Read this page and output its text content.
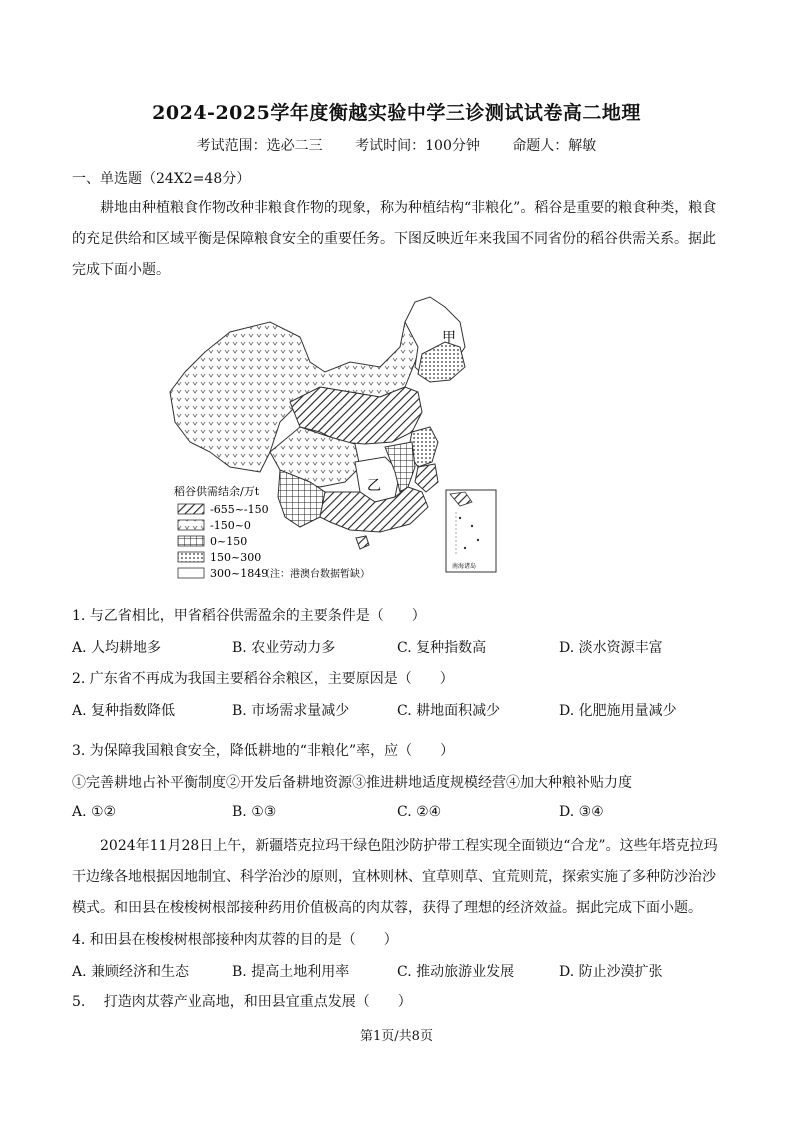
2024-2025学年度衡越实验中学三诊测试试卷高二地理
考试范围：选必二三 考试时间：100分钟 命题人：解敏
一、单选题（24X2=48分）
耕地由种植粮食作物改种非粮食作物的现象，称为种植结构“非粮化”。稻谷是重要的粮食种类，粮食的充足供给和区域平衡是保障粮食安全的重要任务。下图反映近年来我国不同省份的稻谷供需关系。据此完成下面小题。
甲
乙
南海诸岛
稻谷供需结余/万t
-655~-150
-150~0
0~150
150~300
300~1849
（注：港澳台数据暂缺）
1. 与乙省相比，甲省稻谷供需盈余的主要条件是（　　）
A. 人均耕地多	B. 农业劳动力多	C. 复种指数高	D. 淡水资源丰富
2. 广东省不再成为我国主要稻谷余粮区，主要原因是（　　）
A. 复种指数降低	B. 市场需求量减少	C. 耕地面积减少	D. 化肥施用量减少
3. 为保障我国粮食安全，降低耕地的“非粮化”率，应（　　）
①完善耕地占补平衡制度②开发后备耕地资源③推进耕地适度规模经营④加大种粮补贴力度
A. ①②	B. ①③	C. ②④	D. ③④
2024年11月28日上午，新疆塔克拉玛干绿色阻沙防护带工程实现全面锁边“合龙”。这些年塔克拉玛干边缘各地根据因地制宜、科学治沙的原则，宜林则林、宜草则草、宜荒则荒，探索实施了多种防沙治沙模式。和田县在梭梭树根部接种药用价值极高的肉苁蓉，获得了理想的经济效益。据此完成下面小题。
4. 和田县在梭梭树根部接种肉苁蓉的目的是（　　）
A. 兼顾经济和生态	B. 提高土地利用率	C. 推动旅游业发展	D. 防止沙漠扩张
5.　 打造肉苁蓉产业高地，和田县宜重点发展（　　）
第1页/共8页
